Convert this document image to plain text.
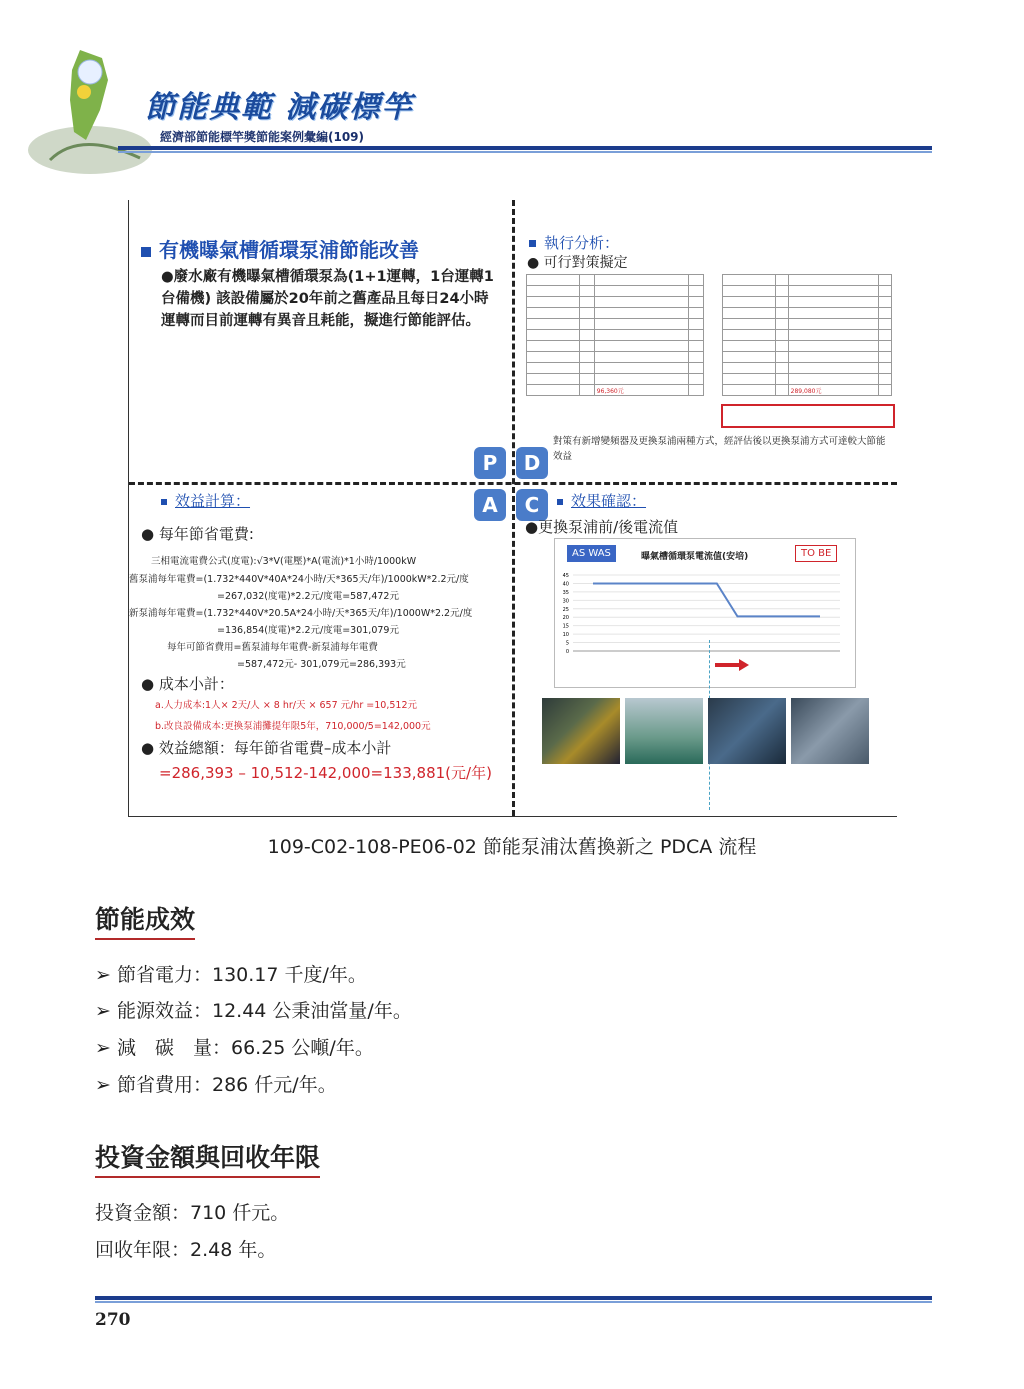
節能典範 減碳標竿
經濟部節能標竿獎節能案例彙編(109)
有機曝氣槽循環泵浦節能改善
●廢水廠有機曝氣槽循環泵為(1+1運轉，1台運轉1台備機) 該設備屬於20年前之舊產品且每日24小時運轉而目前運轉有異音且耗能，擬進行節能評估。
執行分析：
● 可行對策擬定

		96,360元	

			289,080元	
對策有新增變頻器及更換泵浦兩種方式，經評估後以更換泵浦方式可達較大節能效益
P	D
A	C
效益計算：
● 每年節省電費:
三相電流電費公式(度電):√3*V(電壓)*A(電流)*1小時/1000kW
舊泵浦每年電費=(1.732*440V*40A*24小時/天*365天/年)/1000kW*2.2元/度
=267,032(度電)*2.2元/度電=587,472元
新泵浦每年電費=(1.732*440V*20.5A*24小時/天*365天/年)/1000W*2.2元/度
=136,854(度電)*2.2元/度電=301,079元
每年可節省費用=舊泵浦每年電費-新泵浦每年電費
=587,472元- 301,079元=286,393元
● 成本小計：
a.人力成本:1人× 2天/人 × 8 hr/天 × 657 元/hr =10,512元
b.改良設備成本:更換泵浦攤提年限5年，710,000/5=142,000元
● 效益總額：每年節省電費–成本小計
=286,393 – 10,512-142,000=133,881(元/年)
效果確認：
●更換泵浦前/後電流值
AS WAS	曝氣槽循環泵電流值(安培)	TO BE
0
5
10
15
20
25
30
35
40
45
109-C02-108-PE06-02 節能泵浦汰舊換新之 PDCA 流程
節能成效
➢ 節省電力：130.17 千度/年。
➢ 能源效益：12.44 公秉油當量/年。
➢ 減　碳　量：66.25 公噸/年。
➢ 節省費用：286 仟元/年。
投資金額與回收年限
投資金額：710 仟元。
回收年限：2.48 年。
270
